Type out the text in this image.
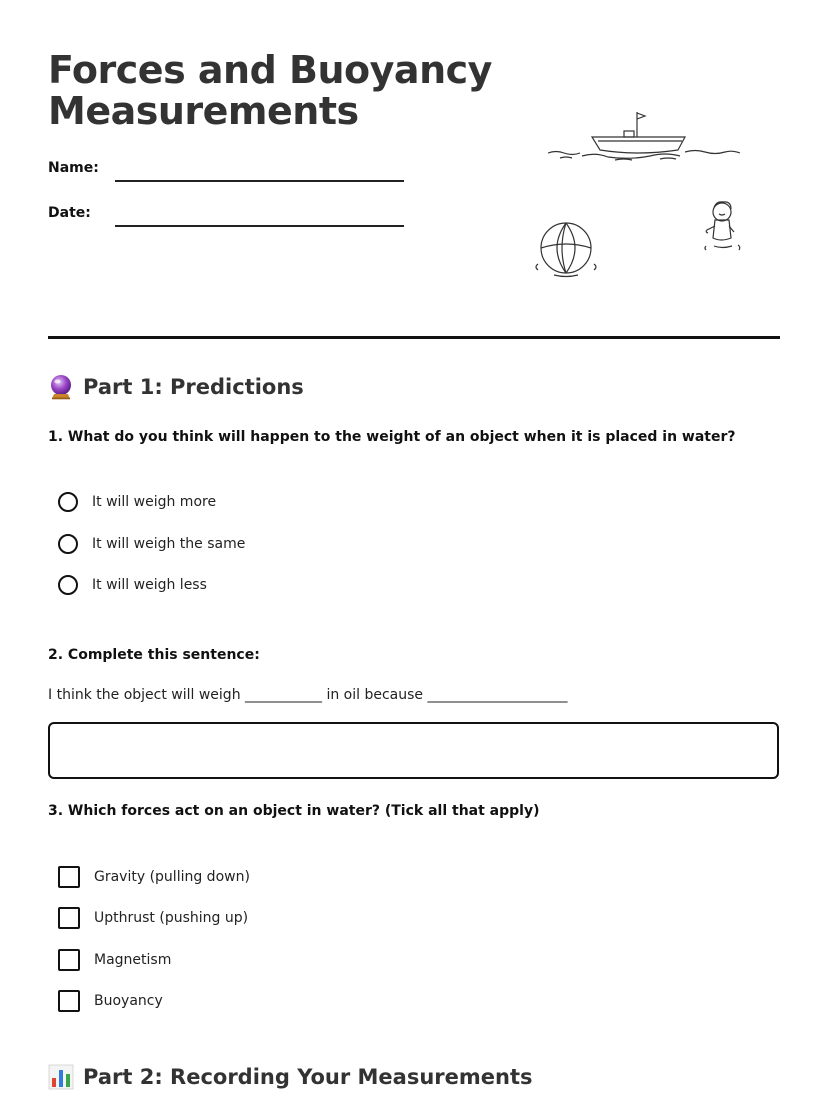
Forces and Buoyancy
Measurements
Name:
Date:
Part 1: Predictions

1. What do you think will happen to the weight of an object when it is placed in water?

It will weigh more
It will weigh the same
It will weigh less

2. Complete this sentence:

I think the object will weigh ___________ in oil because ____________________

3. Which forces act on an object in water? (Tick all that apply)

Gravity (pulling down)
Upthrust (pushing up)
Magnetism
Buoyancy
Part 2: Recording Your Measurements
